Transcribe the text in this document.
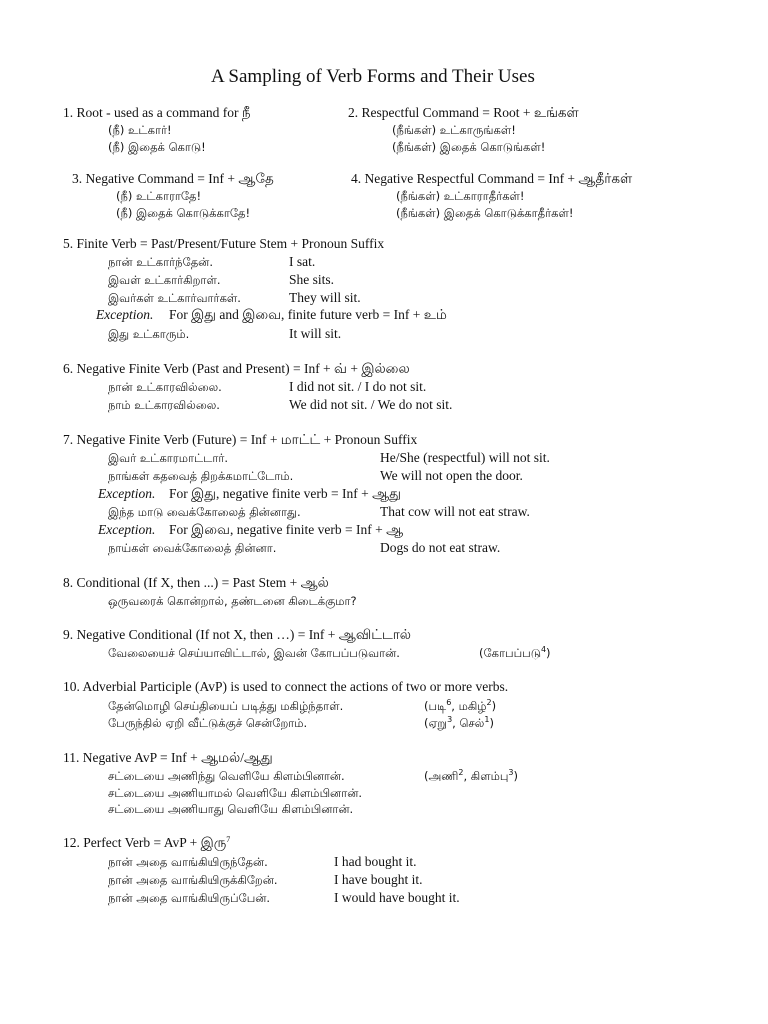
A Sampling of Verb Forms and Their Uses
1. Root - used as a command for நீ
(நீ) உட்கார்!
(நீ) இதைக் கொடு!
2. Respectful Command = Root + உங்கள்
(நீங்கள்) உட்காருங்கள்!
(நீங்கள்) இதைக் கொடுங்கள்!
3. Negative Command = Inf + ஆதே
(நீ) உட்காராதே!
(நீ) இதைக் கொடுக்காதே!
4. Negative Respectful Command = Inf + ஆதீர்கள்
(நீங்கள்) உட்காராதீர்கள்!
(நீங்கள்) இதைக் கொடுக்காதீர்கள்!
5. Finite Verb = Past/Present/Future Stem + Pronoun Suffix
நான் உட்கார்ந்தேன்.	I sat.
இவள் உட்கார்கிறாள்.	She sits.
இவர்கள் உட்கார்வார்கள்.	They will sit.
Exception. For இது and இவை, finite future verb = Inf + உம்
இது உட்காரும்.	It will sit.
6. Negative Finite Verb (Past and Present) = Inf + வ் + இல்லை
நான் உட்காரவில்லை.	I did not sit. / I do not sit.
நாம் உட்காரவில்லை.	We did not sit. / We do not sit.
7. Negative Finite Verb (Future) = Inf + மாட்ட் + Pronoun Suffix
இவர் உட்காரமாட்டார்.	He/She (respectful) will not sit.
நாங்கள் கதவைத் திறக்கமாட்டோம்.	We will not open the door.
Exception. For இது, negative finite verb = Inf + ஆது
இந்த மாடு வைக்கோலைத் தின்னாது.	That cow will not eat straw.
Exception. For இவை, negative finite verb = Inf + ஆ
நாய்கள் வைக்கோலைத் தின்னா.	Dogs do not eat straw.
8. Conditional (If X, then ...) = Past Stem + ஆல்
ஒருவரைக் கொன்றால், தண்டனை கிடைக்குமா?
9. Negative Conditional (If not X, then …) = Inf + ஆவிட்டால்
வேலையைச் செய்யாவிட்டால், இவன் கோபப்படுவான்.	(கோபப்படு$^4$)
10. Adverbial Participle (AvP) is used to connect the actions of two or more verbs.
தேன்மொழி செய்தியைப் படித்து மகிழ்ந்தாள்.	(படி$^6$, மகிழ்$^2$)
பேருந்தில் ஏறி வீட்டுக்குச் சென்றோம்.	(ஏறு$^3$, செல்$^1$)
11. Negative AvP = Inf + ஆமல்/ஆது
சட்டையை அணிந்து வெளியே கிளம்பினான்.	(அணி$^2$, கிளம்பு$^3$)
சட்டையை அணியாமல் வெளியே கிளம்பினான்.
சட்டையை அணியாது வெளியே கிளம்பினான்.
12. Perfect Verb = AvP + இரு$^7$
நான் அதை வாங்கியிருந்தேன்.	I had bought it.
நான் அதை வாங்கியிருக்கிறேன்.	I have bought it.
நான் அதை வாங்கியிருப்பேன்.	I would have bought it.
